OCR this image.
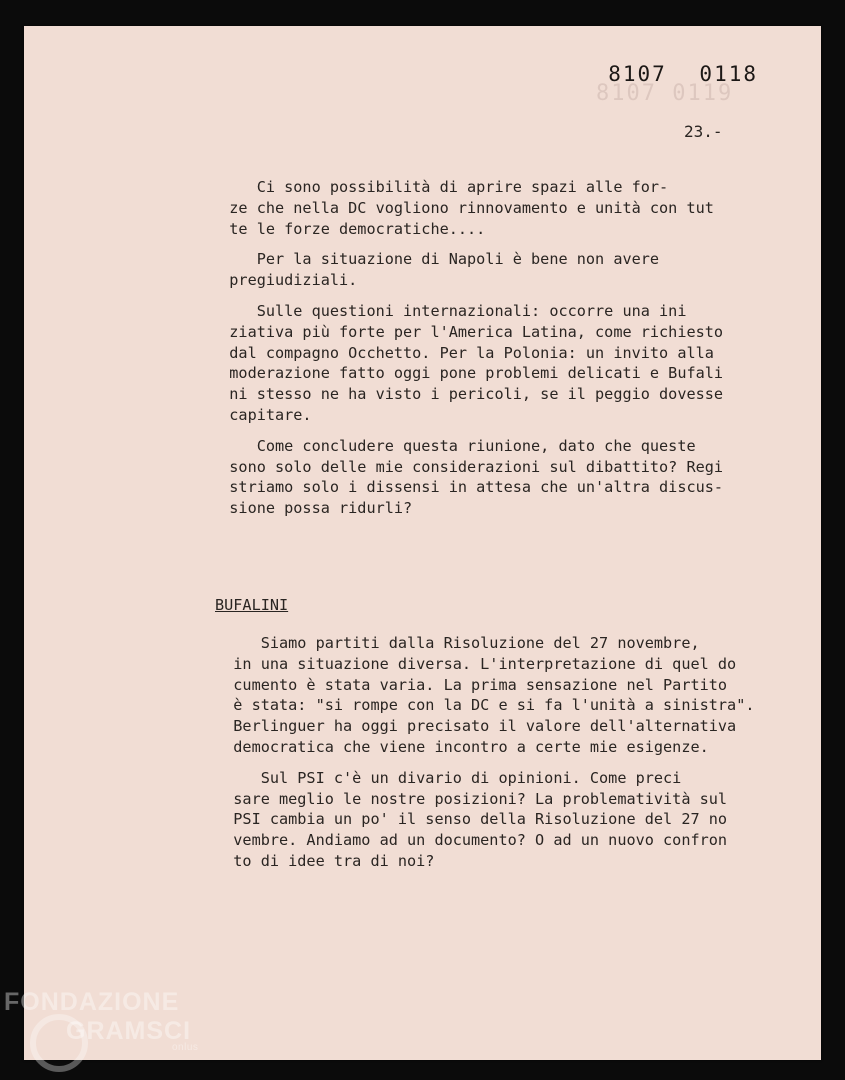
8107 0119
8107 0118
23.-

Ci sono possibilità di aprire spazi alle for-
ze che nella DC vogliono rinnovamento e unità con tut
te le forze democratiche....

Per la situazione di Napoli è bene non avere
pregiudiziali.

Sulle questioni internazionali: occorre una ini
ziativa più forte per l'America Latina, come richiesto
dal compagno Occhetto. Per la Polonia: un invito alla
moderazione fatto oggi pone problemi delicati e Bufali
ni stesso ne ha visto i pericoli, se il peggio dovesse
capitare.

Come concludere questa riunione, dato che queste
sono solo delle mie considerazioni sul dibattito? Regi
striamo solo i dissensi in attesa che un'altra discus-
sione possa ridurli?

BUFALINI

Siamo partiti dalla Risoluzione del 27 novembre,
in una situazione diversa. L'interpretazione di quel do
cumento è stata varia. La prima sensazione nel Partito
è stata: "si rompe con la DC e si fa l'unità a sinistra".
Berlinguer ha oggi precisato il valore dell'alternativa
democratica che viene incontro a certe mie esigenze.

Sul PSI c'è un divario di opinioni. Come preci
sare meglio le nostre posizioni? La problematività sul
PSI cambia un po' il senso della Risoluzione del 27 no
vembre. Andiamo ad un documento? O ad un nuovo confron
to di idee tra di noi?

FONDAZIONE
GRAMSCI
onlus
